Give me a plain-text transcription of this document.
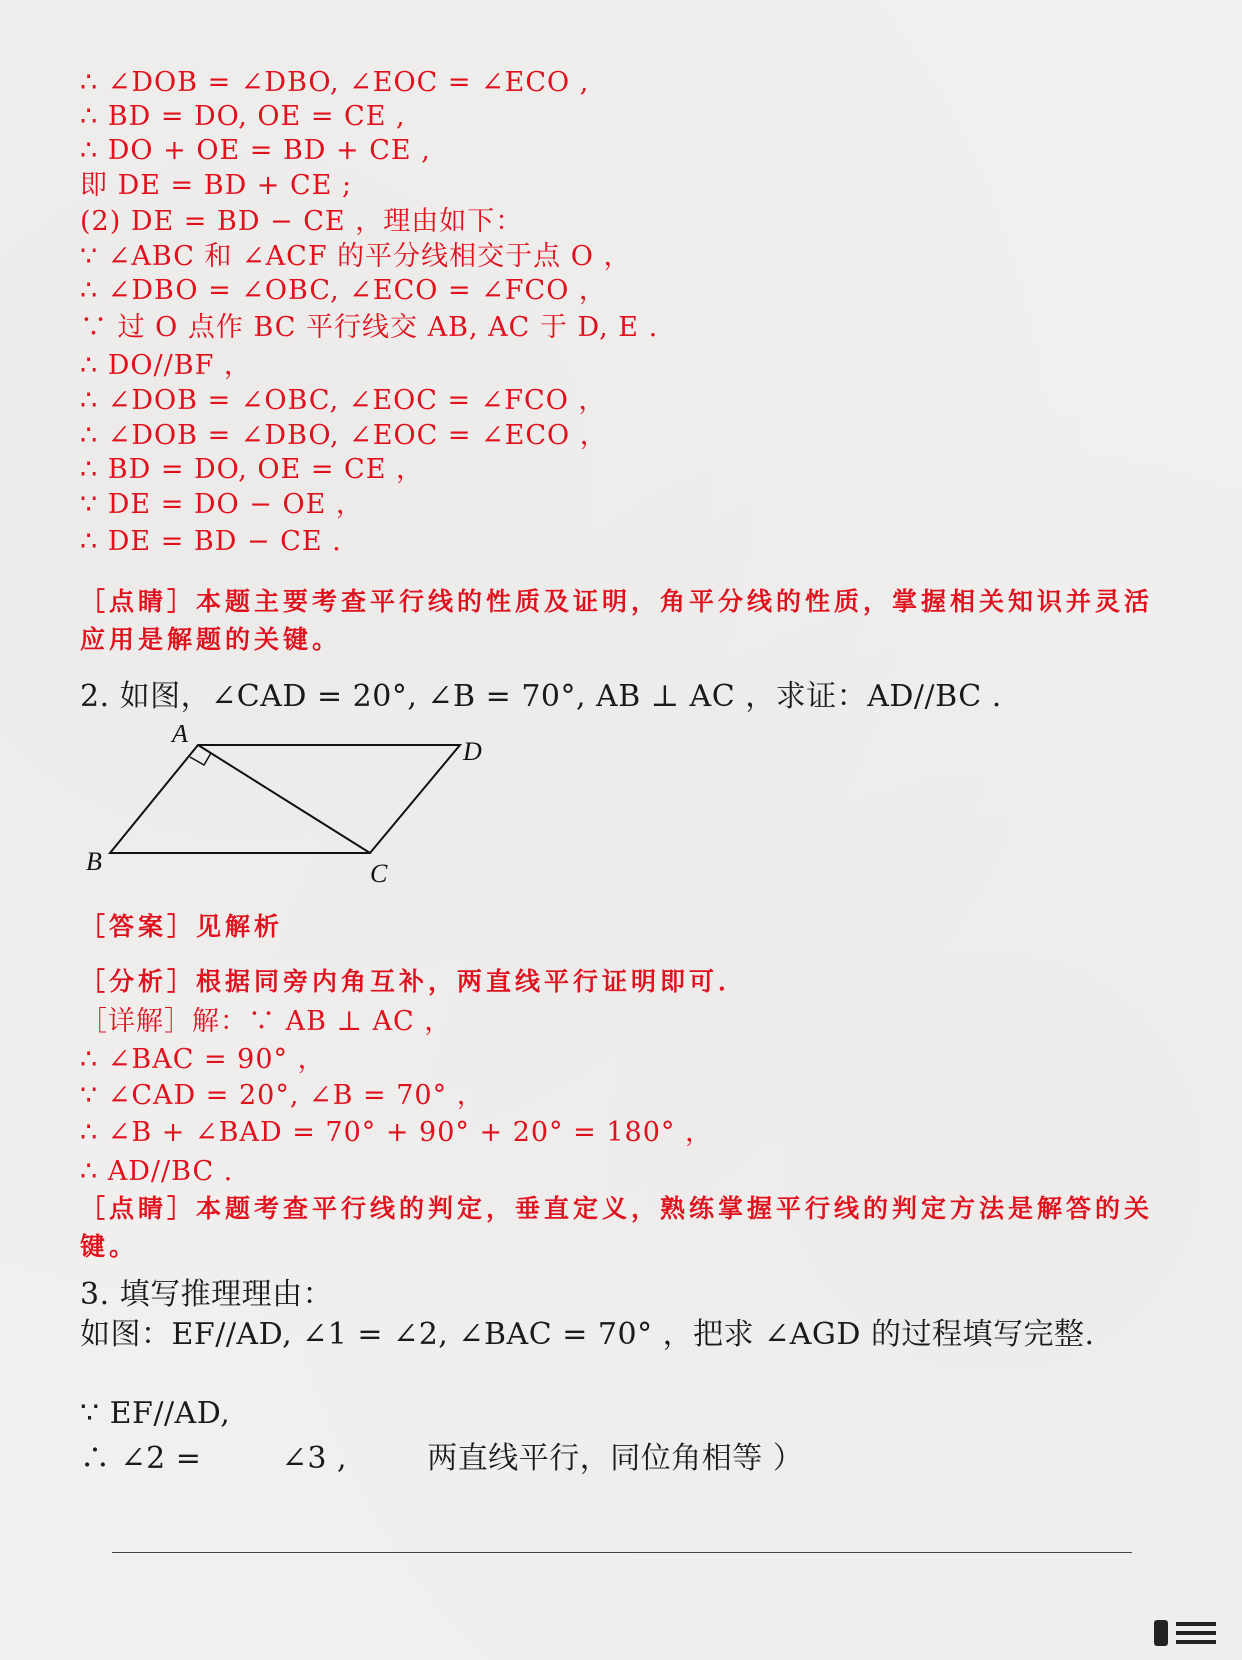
∴ ∠DOB = ∠DBO, ∠EOC = ∠ECO ,
∴ BD = DO, OE = CE ,
∴ DO + OE = BD + CE ,
即 DE = BD + CE ;
(2) DE = BD − CE ，理由如下：
∵ ∠ABC 和 ∠ACF 的平分线相交于点 O ，
∴ ∠DBO = ∠OBC, ∠ECO = ∠FCO ，
∵ 过 O 点作 BC 平行线交 AB, AC 于 D, E .
∴ DO//BF ，
∴ ∠DOB = ∠OBC, ∠EOC = ∠FCO ，
∴ ∠DOB = ∠DBO, ∠EOC = ∠ECO ，
∴ BD = DO, OE = CE ，
∵ DE = DO − OE ，
∴ DE = BD − CE .
［点睛］本题主要考查平行线的性质及证明，角平分线的性质，掌握相关知识并灵活应用是解题的关键。
2. 如图，∠CAD = 20°, ∠B = 70°, AB ⊥ AC ，求证：AD//BC .
A
D
B	C
［答案］见解析
［分析］根据同旁内角互补，两直线平行证明即可．
［详解］解：∵ AB ⊥ AC ，
∴ ∠BAC = 90° ，
∵ ∠CAD = 20°, ∠B = 70° ，
∴ ∠B + ∠BAD = 70° + 90° + 20° = 180° ，
∴ AD//BC .
［点睛］本题考查平行线的判定，垂直定义，熟练掌握平行线的判定方法是解答的关键。
3. 填写推理理由：
如图：EF//AD, ∠1 = ∠2, ∠BAC = 70° ，把求 ∠AGD 的过程填写完整.
∵ EF//AD,
∴ ∠2 =        ∠3 ,        两直线平行，同位角相等 ）
